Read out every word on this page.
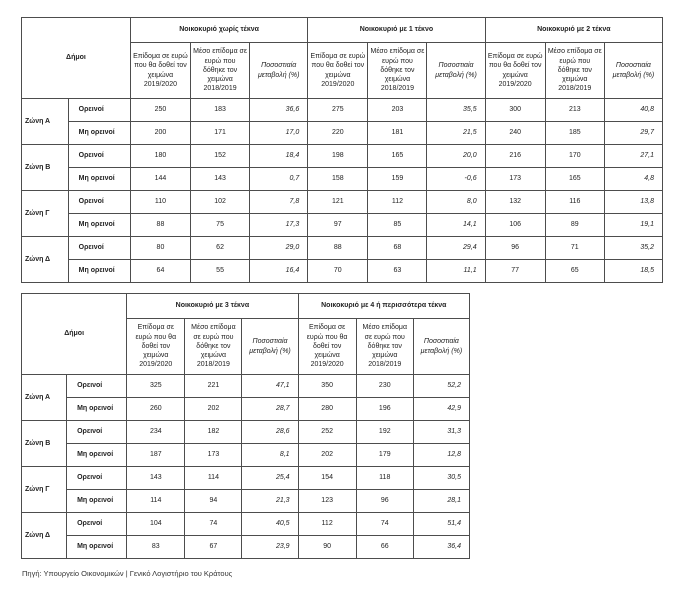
Δήμοι		Νοικοκυριό χωρίς τέκνα			Νοικοκυριό με 1 τέκνο			Νοικοκυριό με 2 τέκνα		
		Επίδομα σε ευρώ που θα δοθεί τον χειμώνα 2019/2020	Μέσο επίδομα σε ευρώ που δόθηκε τον χειμώνα 2018/2019	Ποσοστιαία μεταβολή (%)	Επίδομα σε ευρώ που θα δοθεί τον χειμώνα 2019/2020	Μέσο επίδομα σε ευρώ που δόθηκε τον χειμώνα 2018/2019	Ποσοστιαία μεταβολή (%)	Επίδομα σε ευρώ που θα δοθεί τον χειμώνα 2019/2020	Μέσο επίδομα σε ευρώ που δόθηκε τον χειμώνα 2018/2019	Ποσοστιαία μεταβολή (%)
Ζώνη Α	Ορεινοί	250	183	36,6	275	203	35,5	300	213	40,8
	Μη ορεινοί	200	171	17,0	220	181	21,5	240	185	29,7
Ζώνη Β	Ορεινοί	180	152	18,4	198	165	20,0	216	170	27,1
	Μη ορεινοί	144	143	0,7	158	159	-0,6	173	165	4,8
Ζώνη Γ	Ορεινοί	110	102	7,8	121	112	8,0	132	116	13,8
	Μη ορεινοί	88	75	17,3	97	85	14,1	106	89	19,1
Ζώνη Δ	Ορεινοί	80	62	29,0	88	68	29,4	96	71	35,2
	Μη ορεινοί	64	55	16,4	70	63	11,1	77	65	18,5
Δήμοι		Νοικοκυριό με 3 τέκνα			Νοικοκυριό με 4 ή περισσότερα τέκνα		
		Επίδομα σε ευρώ που θα δοθεί τον χειμώνα 2019/2020	Μέσο επίδομα σε ευρώ που δόθηκε τον χειμώνα 2018/2019	Ποσοστιαία μεταβολή (%)	Επίδομα σε ευρώ που θα δοθεί τον χειμώνα 2019/2020	Μέσο επίδομα σε ευρώ που δόθηκε τον χειμώνα 2018/2019	Ποσοστιαία μεταβολή (%)
Ζώνη Α	Ορεινοί	325	221	47,1	350	230	52,2
	Μη ορεινοί	260	202	28,7	280	196	42,9
Ζώνη Β	Ορεινοί	234	182	28,6	252	192	31,3
	Μη ορεινοί	187	173	8,1	202	179	12,8
Ζώνη Γ	Ορεινοί	143	114	25,4	154	118	30,5
	Μη ορεινοί	114	94	21,3	123	96	28,1
Ζώνη Δ	Ορεινοί	104	74	40,5	112	74	51,4
	Μη ορεινοί	83	67	23,9	90	66	36,4
Πηγή: Υπουργείο Οικονομικών | Γενικό Λογιστήριο του Κράτους
